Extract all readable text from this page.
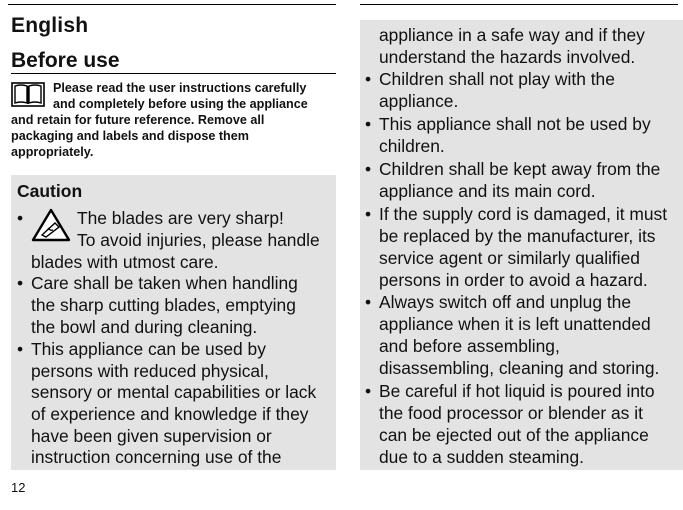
English
Before use
Please read the user instructions carefully
and completely before using the appliance
and retain for future reference. Remove all
packaging and labels and dispose them
appropriately.
Caution
•	The blades are very sharp!
To avoid injuries, please handle
blades with utmost care.
• Care shall be taken when handling
the sharp cutting blades, emptying
the bowl and during cleaning.
• This appliance can be used by
persons with reduced physical,
sensory or mental capabilities or lack
of experience and knowledge if they
have been given supervision or
instruction concerning use of the
appliance in a safe way and if they
understand the hazards involved.
• Children shall not play with the
appliance.
• This appliance shall not be used by
children.
• Children shall be kept away from the
appliance and its main cord.
• If the supply cord is damaged, it must
be replaced by the manufacturer, its
service agent or similarly qualified
persons in order to avoid a hazard.
• Always switch off and unplug the
appliance when it is left unattended
and before assembling,
disassembling, cleaning and storing.
• Be careful if hot liquid is poured into
the food processor or blender as it
can be ejected out of the appliance
due to a sudden steaming.
12
